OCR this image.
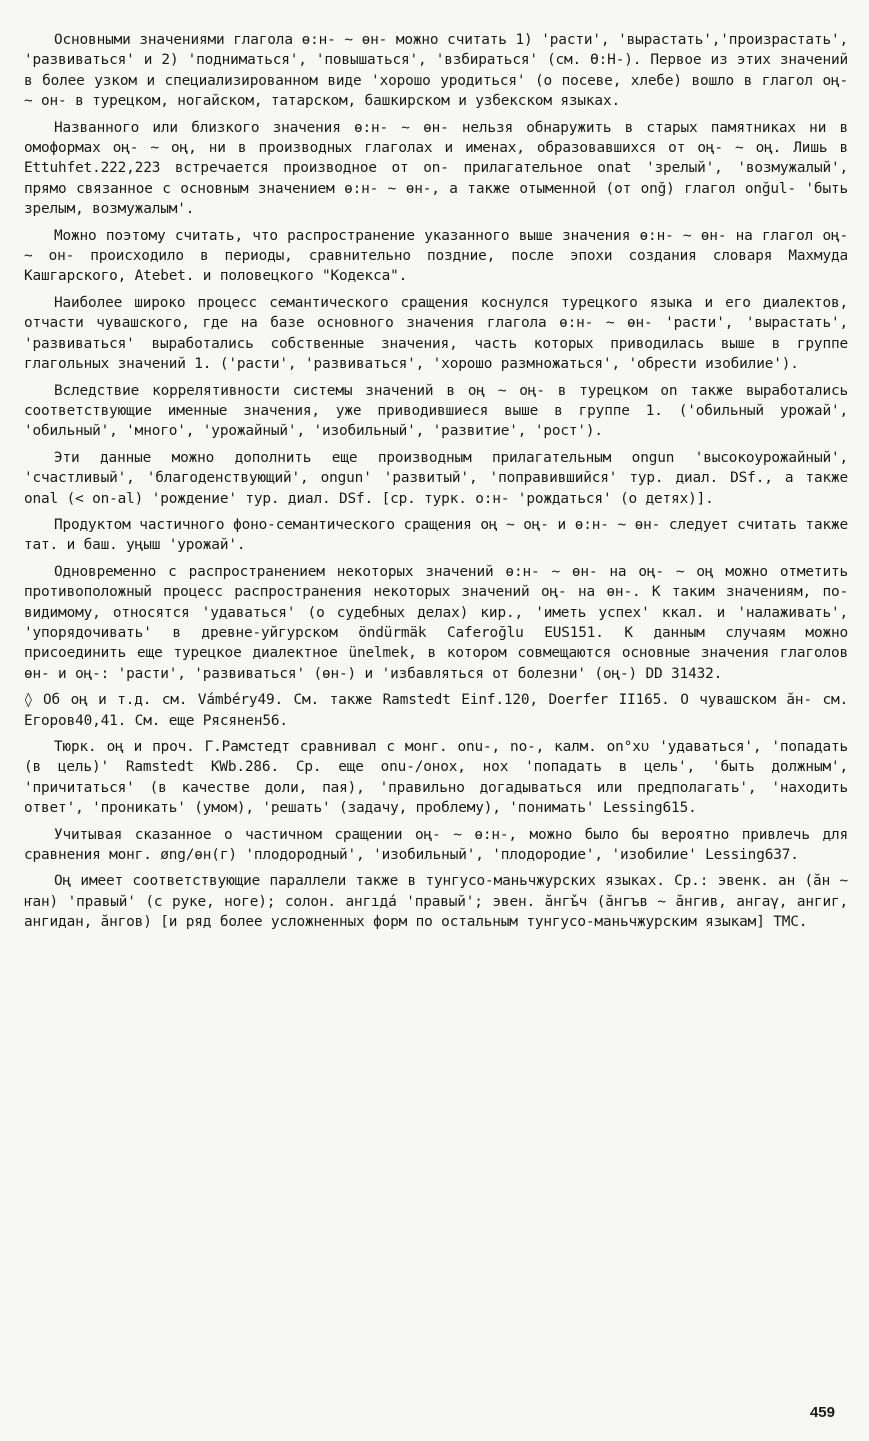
Основными значениями глагола ө:н- ~ өн- можно считать 1) 'расти', 'вырастать','произрастать', 'развиваться' и 2) 'подниматься', 'повышаться', 'взбираться' (см. Ө:Н-). Первое из этих значений в более узком и специализированном виде 'хорошо уродиться' (о посеве, хлебе) вошло в глагол оң- ~ он- в турецком, ногайском, татарском, башкирском и узбекском языках.

Названного или близкого значения ө:н- ~ өн- нельзя обнаружить в старых памятниках ни в омоформах оң- ~ оң, ни в производных глаголах и именах, образовавшихся от оң- ~ оң. Лишь в Ettuhfet.222,223 встречается производное от оn- прилагательное оnat 'зрелый', 'возмужалый', прямо связанное с основным значением ө:н- ~ өн-, а также отыменной (от оnğ) глагол оnğul- 'быть зрелым, возмужалым'.

Можно поэтому считать, что распространение указанного выше значения ө:н- ~ өн- на глагол оң- ~ он- происходило в периоды, сравнительно поздние, после эпохи создания словаря Махмуда Кашгарского, Atebet. и половецкого "Кодекса".

Наиболее широко процесс семантического сращения коснулся турецкого языка и его диалектов, отчасти чувашского, где на базе основного значения глагола ө:н- ~ өн- 'расти', 'вырастать', 'развиваться' выработались собственные значения, часть которых приводилась выше в группе глагольных значений 1. ('расти', 'развиваться', 'хорошо размножаться', 'обрести изобилие').

Вследствие коррелятивности системы значений в оң ~ оң- в турецком on также выработались соответствующие именные значения, уже приводившиеся выше в группе 1. ('обильный урожай', 'обильный', 'много', 'урожайный', 'изобильный', 'развитие', 'рост').

Эти данные можно дополнить еще производным прилагательным ongun 'высокоурожайный', 'счастливый', 'благоденствующий', ongun' 'развитый', 'поправившийся' тур. диал. DSf., а также onal (< on-al) 'рождение' тур. диал. DSf. [ср. турк. о:н- 'рождаться' (о детях)].

Продуктом частичного фоно-семантического сращения оң ~ оң- и ө:н- ~ өн- следует считать также тат. и баш. уңыш 'урожай'.

Одновременно с распространением некоторых значений ө:н- ~ өн- на оң- ~ оң можно отметить противоположный процесс распространения некоторых значений оң- на өн-. К таким значениям, по-видимому, относятся 'удаваться' (о судебных делах) кир., 'иметь успех' ккал. и 'налаживать', 'упорядочивать' в древне-уйгурском öndürmäk Caferoğlu EUS151. К данным случаям можно присоединить еще турецкое диалектное ünelmek, в котором совмещаются основные значения глаголов өн- и оң-: 'расти', 'развиваться' (өн-) и 'избавляться от болезни' (оң-) DD 31432.

◊ Об оң и т.д. см. Vámbéry49. См. также Ramstedt Einf.120, Doerfer II165. О чувашском ăн- см. Егоров40,41. См. еще Рясянен56.

Тюрк. оң и проч. Г.Рамстедт сравнивал с монг. onu-, no-, калм. on°xᴜ 'удаваться', 'попадать (в цель)' Ramstedt KWb.286. Ср. еще onu-/онох, нох 'попадать в цель', 'быть должным', 'причитаться' (в качестве доли, пая), 'правильно догадываться или предполагать', 'находить ответ', 'проникать' (умом), 'решать' (задачу, проблему), 'понимать' Lessing615.

Учитывая сказанное о частичном сращении оң- ~ ө:н-, можно было бы вероятно привлечь для сравнения монг. øng/өн(г) 'плодородный', 'изобильный', 'плодородие', 'изобилие' Lessing637.

Оң имеет соответствующие параллели также в тунгусо-маньчжурских языках. Ср.: эвенк. ан (ăн ~ ҥан) 'правый' (с руке, ноге); солон. ангıда́ 'правый'; эвен. ăнгъ̌ч (ăнгъв ~ ăнгив, ангаγ, ангиг, ангидан, ăнгов) [и ряд более усложненных форм по остальным тунгусо-маньчжурским языкам] ТМС.

459
